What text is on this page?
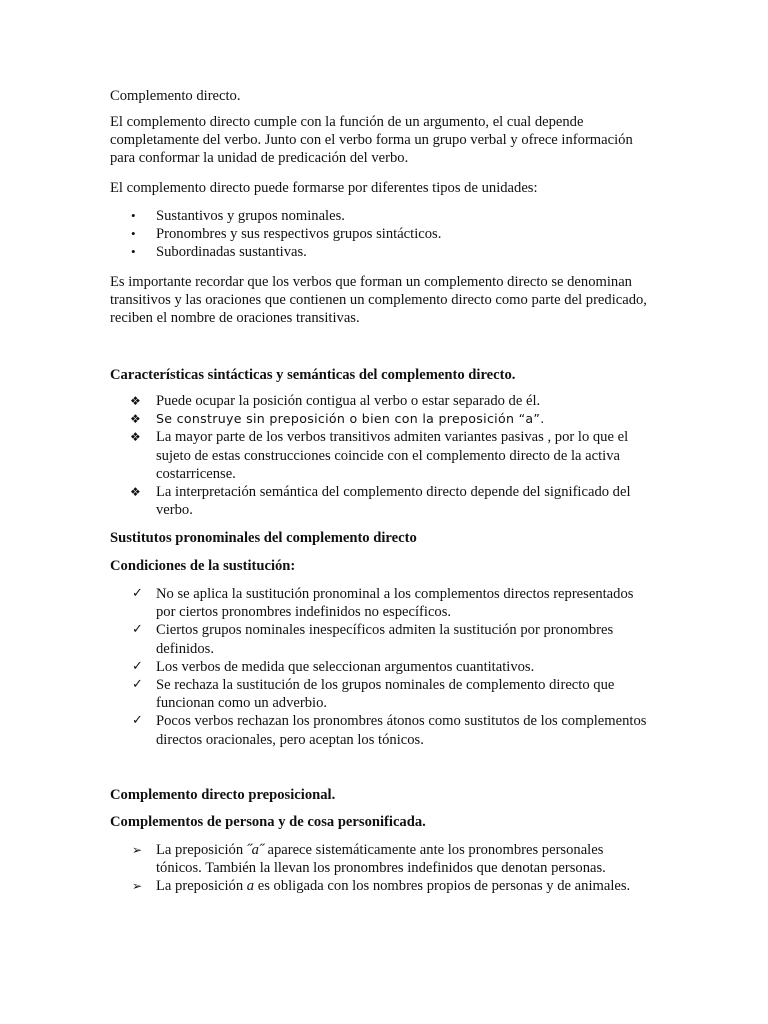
Complemento directo.

El complemento directo cumple con la función de un argumento, el cual depende completamente del verbo. Junto con el verbo forma un grupo verbal y ofrece información para conformar la unidad de predicación del verbo.

El complemento directo puede formarse por diferentes tipos de unidades:

•	Sustantivos y grupos nominales.
•	Pronombres y sus respectivos grupos sintácticos.
•	Subordinadas sustantivas.

Es importante recordar que los verbos que forman un complemento directo se denominan transitivos y las oraciones que contienen un complemento directo como parte del predicado, reciben el nombre de oraciones transitivas.

Características sintácticas y semánticas del complemento directo.

❖	Puede ocupar la posición contigua al verbo o estar separado de él.
❖	Se construye sin preposición o bien con la preposición “a”.
❖	La mayor parte de los verbos transitivos admiten variantes pasivas , por lo que el sujeto de estas construcciones coincide con el complemento directo de la activa costarricense.
❖	La interpretación semántica del complemento directo depende del significado del verbo.

Sustitutos pronominales del complemento directo

Condiciones de la sustitución:

✓ No se aplica la sustitución pronominal a los complementos directos representados por ciertos pronombres indefinidos no específicos.
✓ Ciertos grupos nominales inespecíficos admiten la sustitución por pronombres definidos.
✓ Los verbos de medida que seleccionan argumentos cuantitativos.
✓ Se rechaza la sustitución de los grupos nominales de complemento directo que funcionan como un adverbio.
✓ Pocos verbos rechazan los pronombres átonos como sustitutos de los complementos directos oracionales, pero aceptan los tónicos.

Complemento directo preposicional.

Complementos de persona y de cosa personificada.

➢ La preposición ˝a˝ aparece sistemáticamente ante los pronombres personales tónicos. También la llevan los pronombres indefinidos que denotan personas.
➢ La preposición a es obligada con los nombres propios de personas y de animales.
